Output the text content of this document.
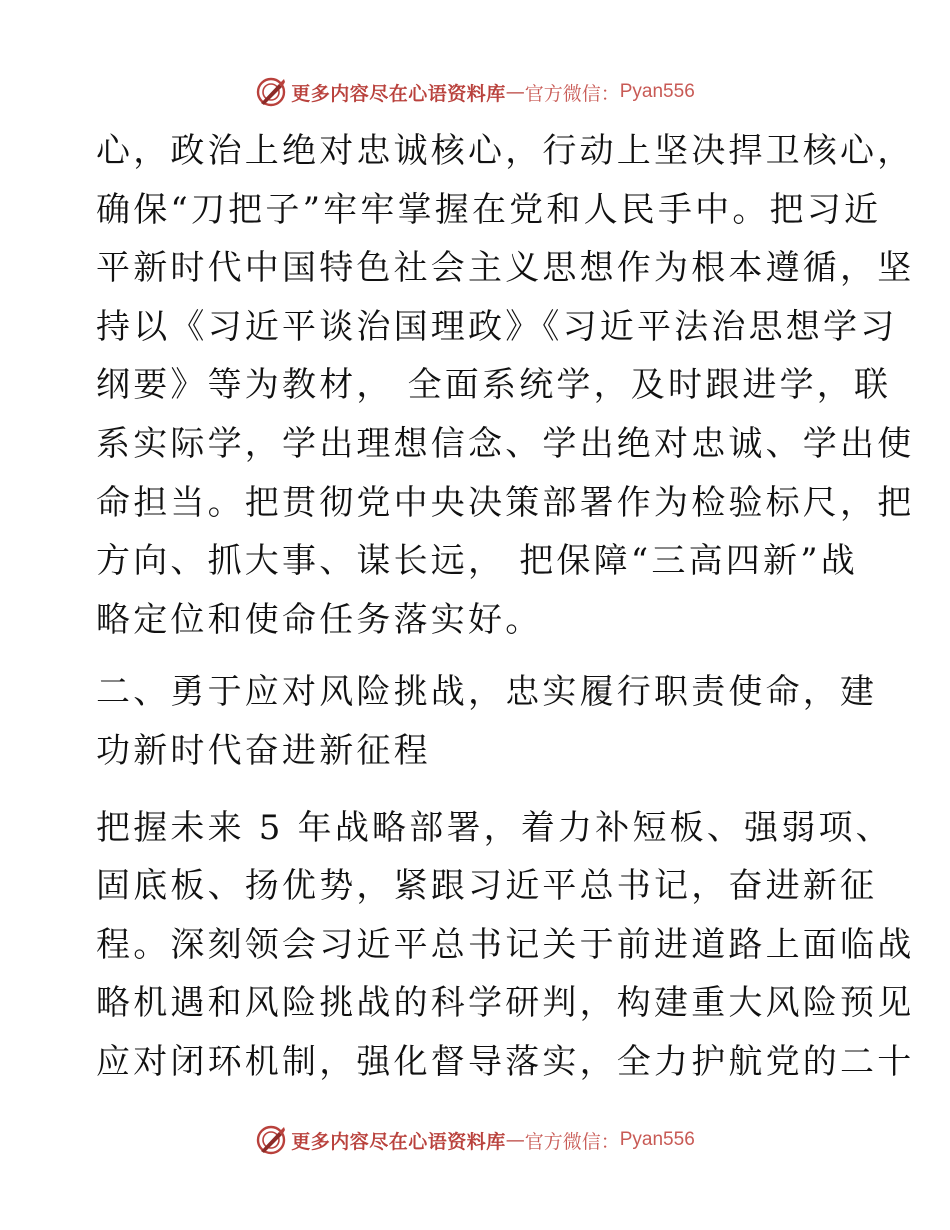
更多内容尽在心语资料库 — 官方微信： Pyan556

心，政治上绝对忠诚核心，行动上坚决捍卫核心，
确保“刀把子”牢牢掌握在党和人民手中。把习近
平新时代中国特色社会主义思想作为根本遵循，坚
持以《习近平谈治国理政》《习近平法治思想学习
纲要》等为教材， 全面系统学，及时跟进学，联
系实际学，学出理想信念、学出绝对忠诚、学出使
命担当。把贯彻党中央决策部署作为检验标尺，把
方向、抓大事、谋长远， 把保障“三高四新”战
略定位和使命任务落实好。

二、勇于应对风险挑战，忠实履行职责使命，建
功新时代奋进新征程

把握未来 5 年战略部署，着力补短板、强弱项、
固底板、扬优势，紧跟习近平总书记，奋进新征
程。深刻领会习近平总书记关于前进道路上面临战
略机遇和风险挑战的科学研判，构建重大风险预见
应对闭环机制，强化督导落实，全力护航党的二十

更多内容尽在心语资料库 — 官方微信： Pyan556
